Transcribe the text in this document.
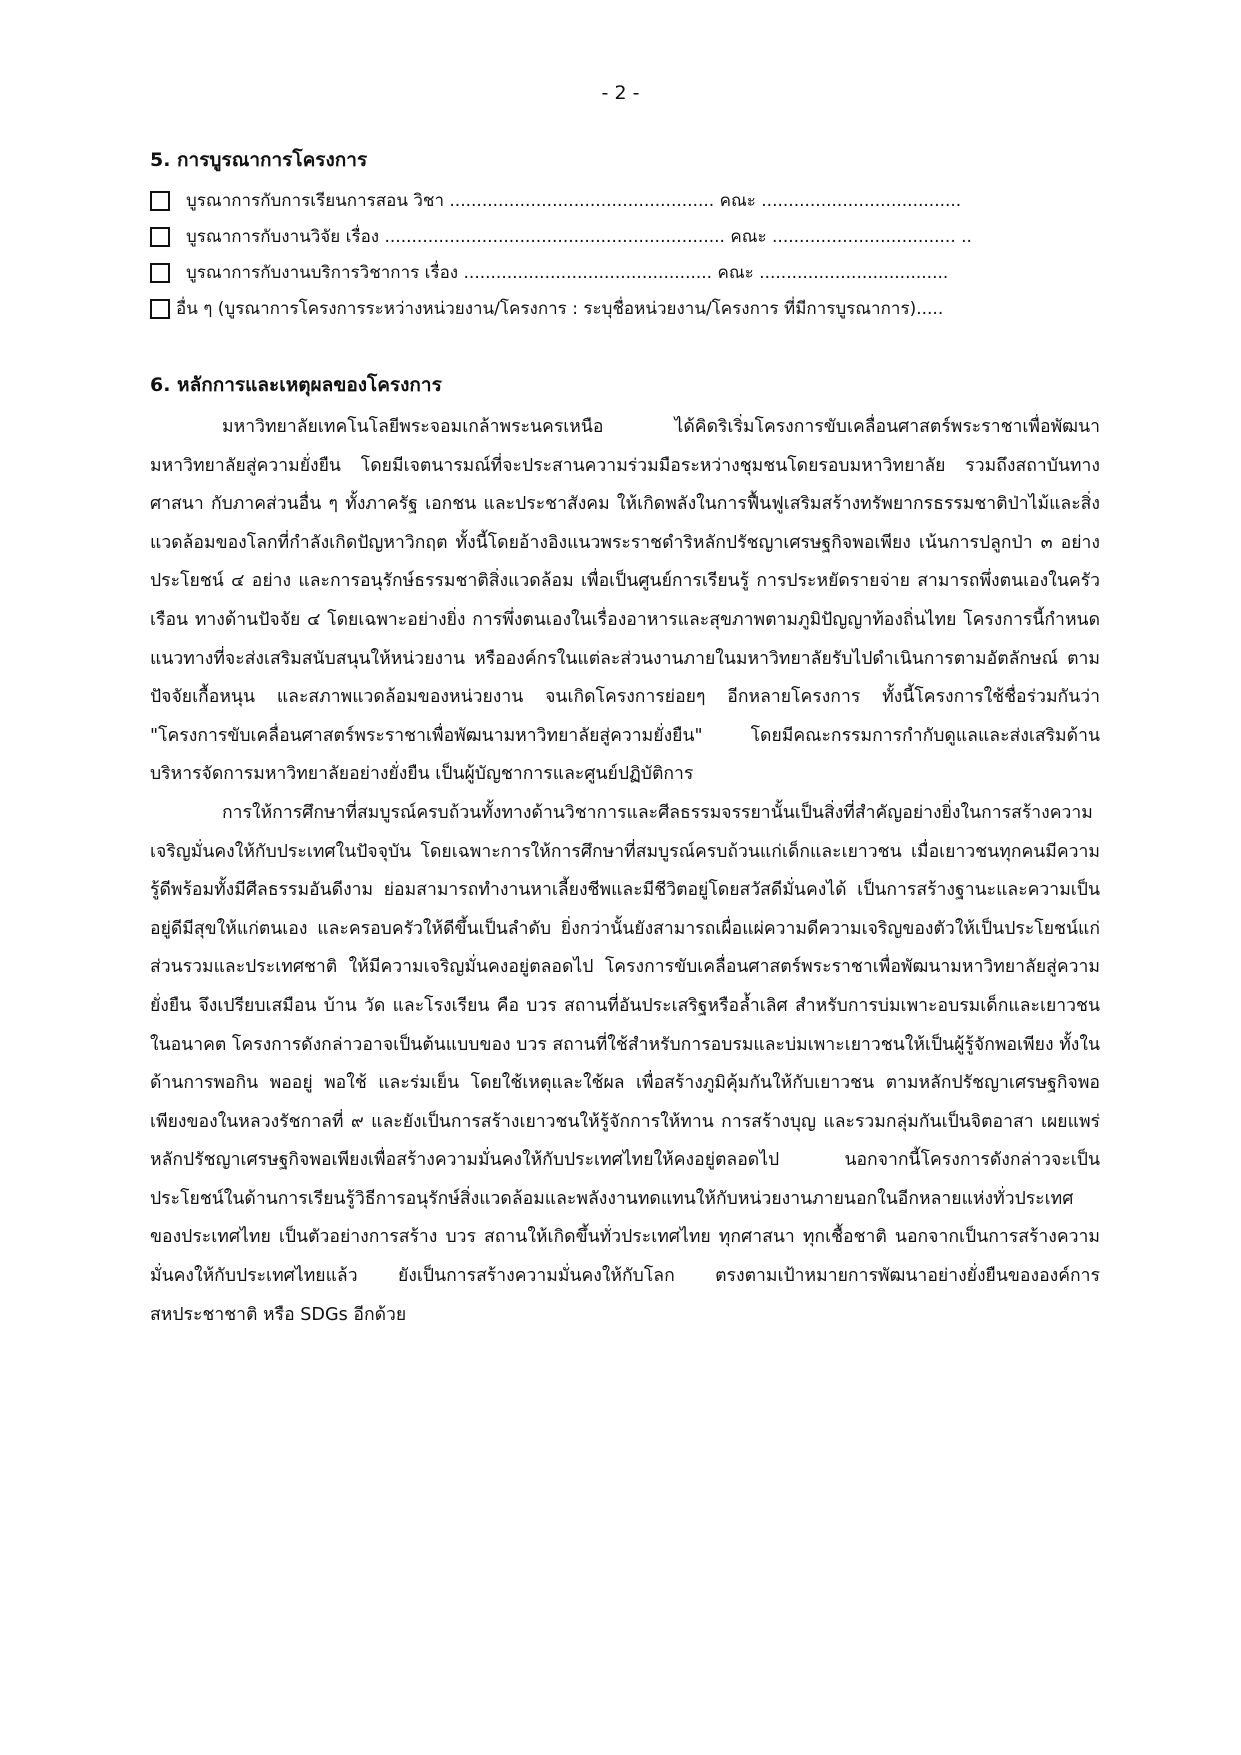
- 2 -
5. การบูรณาการโครงการ
บูรณาการกับการเรียนการสอน วิชา ................................................. คณะ .....................................
บูรณาการกับงานวิจัย เรื่อง ............................................................... คณะ .................................. ..
บูรณาการกับงานบริการวิชาการ เรื่อง .............................................. คณะ ...................................
อื่น ๆ (บูรณาการโครงการระหว่างหน่วยงาน/โครงการ : ระบุชื่อหน่วยงาน/โครงการ ที่มีการบูรณาการ).....
6. หลักการและเหตุผลของโครงการ

มหาวิทยาลัยเทคโนโลยีพระจอมเกล้าพระนครเหนือ ได้คิดริเริ่มโครงการขับเคลื่อนศาสตร์พระราชาเพื่อพัฒนามหาวิทยาลัยสู่ความยั่งยืน โดยมีเจตนารมณ์ที่จะประสานความร่วมมือระหว่างชุมชนโดยรอบมหาวิทยาลัย รวมถึงสถาบันทางศาสนา กับภาคส่วนอื่น ๆ ทั้งภาครัฐ เอกชน และประชาสังคม ให้เกิดพลังในการฟื้นฟูเสริมสร้างทรัพยากรธรรมชาติป่าไม้และสิ่งแวดล้อมของโลกที่กำลังเกิดปัญหาวิกฤต ทั้งนี้โดยอ้างอิงแนวพระราชดำริหลักปรัชญาเศรษฐกิจพอเพียง เน้นการปลูกป่า ๓ อย่างประโยชน์ ๔ อย่าง และการอนุรักษ์ธรรมชาติสิ่งแวดล้อม เพื่อเป็นศูนย์การเรียนรู้ การประหยัดรายจ่าย สามารถพึ่งตนเองในครัวเรือน ทางด้านปัจจัย ๔ โดยเฉพาะอย่างยิ่ง การพึ่งตนเองในเรื่องอาหารและสุขภาพตามภูมิปัญญาท้องถิ่นไทย โครงการนี้กำหนดแนวทางที่จะส่งเสริมสนับสนุนให้หน่วยงาน หรือองค์กรในแต่ละส่วนงานภายในมหาวิทยาลัยรับไปดำเนินการตามอัตลักษณ์ ตามปัจจัยเกื้อหนุน และสภาพแวดล้อมของหน่วยงาน จนเกิดโครงการย่อยๆ อีกหลายโครงการ ทั้งนี้โครงการใช้ชื่อร่วมกันว่า "โครงการขับเคลื่อนศาสตร์พระราชาเพื่อพัฒนามหาวิทยาลัยสู่ความยั่งยืน" โดยมีคณะกรรมการกำกับดูแลและส่งเสริมด้านบริหารจัดการมหาวิทยาลัยอย่างยั่งยืน เป็นผู้บัญชาการและศูนย์ปฏิบัติการ

การให้การศึกษาที่สมบูรณ์ครบถ้วนทั้งทางด้านวิชาการและศีลธรรมจรรยานั้นเป็นสิ่งที่สำคัญอย่างยิ่งในการสร้างความเจริญมั่นคงให้กับประเทศในปัจจุบัน โดยเฉพาะการให้การศึกษาที่สมบูรณ์ครบถ้วนแก่เด็กและเยาวชน เมื่อเยาวชนทุกคนมีความรู้ดีพร้อมทั้งมีศีลธรรมอันดีงาม ย่อมสามารถทำงานหาเลี้ยงชีพและมีชีวิตอยู่โดยสวัสดีมั่นคงได้ เป็นการสร้างฐานะและความเป็นอยู่ดีมีสุขให้แก่ตนเอง และครอบครัวให้ดีขึ้นเป็นลำดับ ยิ่งกว่านั้นยังสามารถเผื่อแผ่ความดีความเจริญของตัวให้เป็นประโยชน์แก่ส่วนรวมและประเทศชาติ ให้มีความเจริญมั่นคงอยู่ตลอดไป โครงการขับเคลื่อนศาสตร์พระราชาเพื่อพัฒนามหาวิทยาลัยสู่ความยั่งยืน จึงเปรียบเสมือน บ้าน วัด และโรงเรียน คือ บวร สถานที่อันประเสริฐหรือล้ำเลิศ สำหรับการบ่มเพาะอบรมเด็กและเยาวชนในอนาคต โครงการดังกล่าวอาจเป็นต้นแบบของ บวร สถานที่ใช้สำหรับการอบรมและบ่มเพาะเยาวชนให้เป็นผู้รู้จักพอเพียง ทั้งในด้านการพอกิน พออยู่ พอใช้ และร่มเย็น โดยใช้เหตุและใช้ผล เพื่อสร้างภูมิคุ้มกันให้กับเยาวชน ตามหลักปรัชญาเศรษฐกิจพอเพียงของในหลวงรัชกาลที่ ๙ และยังเป็นการสร้างเยาวชนให้รู้จักการให้ทาน การสร้างบุญ และรวมกลุ่มกันเป็นจิตอาสา เผยแพร่หลักปรัชญาเศรษฐกิจพอเพียงเพื่อสร้างความมั่นคงให้กับประเทศไทยให้คงอยู่ตลอดไป นอกจากนี้โครงการดังกล่าวจะเป็นประโยชน์ในด้านการเรียนรู้วิธีการอนุรักษ์สิ่งแวดล้อมและพลังงานทดแทนให้กับหน่วยงานภายนอกในอีกหลายแห่งทั่วประเทศของประเทศไทย เป็นตัวอย่างการสร้าง บวร สถานให้เกิดขึ้นทั่วประเทศไทย ทุกศาสนา ทุกเชื้อชาติ นอกจากเป็นการสร้างความมั่นคงให้กับประเทศไทยแล้ว ยังเป็นการสร้างความมั่นคงให้กับโลก ตรงตามเป้าหมายการพัฒนาอย่างยั่งยืนขององค์การสหประชาชาติ หรือ SDGs อีกด้วย
